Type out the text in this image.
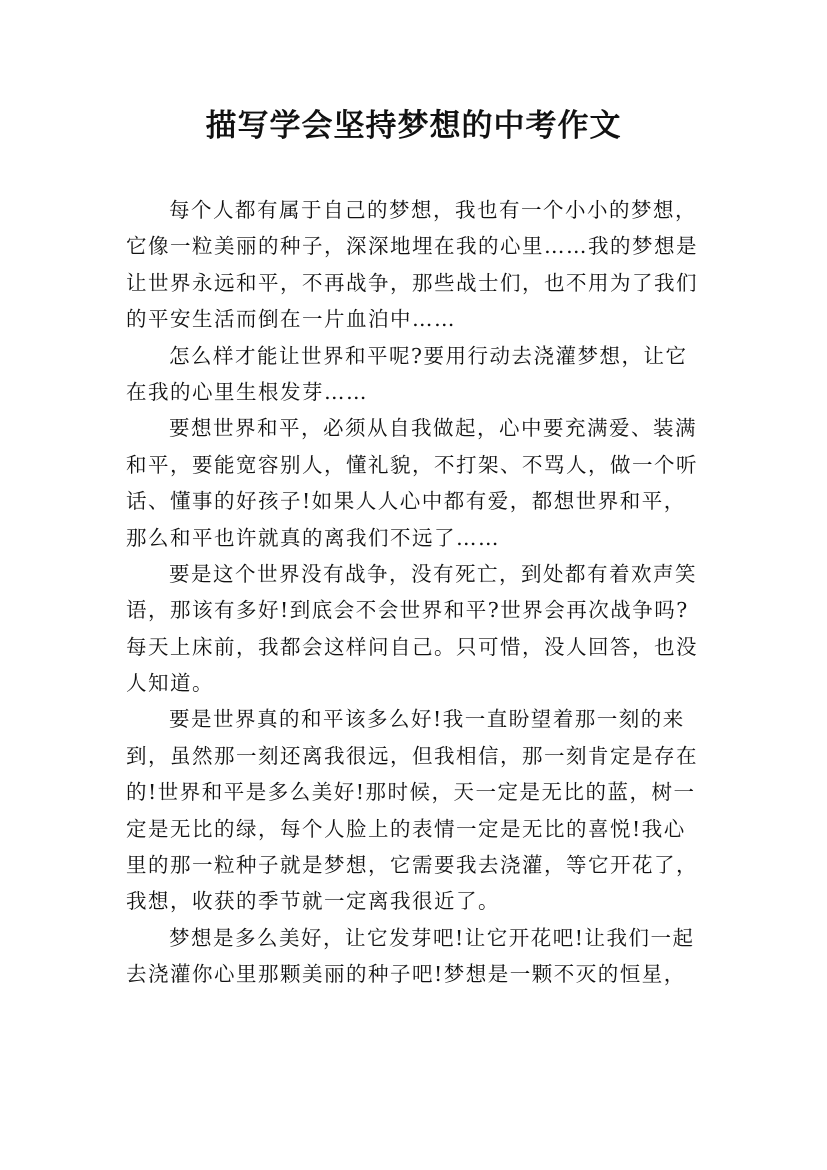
描写学会坚持梦想的中考作文
每个人都有属于自己的梦想，我也有一个小小的梦想，
它像一粒美丽的种子，深深地埋在我的心里……我的梦想是
让世界永远和平，不再战争，那些战士们，也不用为了我们
的平安生活而倒在一片血泊中……
怎么样才能让世界和平呢?要用行动去浇灌梦想，让它
在我的心里生根发芽……
要想世界和平，必须从自我做起，心中要充满爱、装满
和平，要能宽容别人，懂礼貌，不打架、不骂人，做一个听
话、懂事的好孩子!如果人人心中都有爱，都想世界和平，
那么和平也许就真的离我们不远了……
要是这个世界没有战争，没有死亡，到处都有着欢声笑
语，那该有多好!到底会不会世界和平?世界会再次战争吗?
每天上床前，我都会这样问自己。只可惜，没人回答，也没
人知道。
要是世界真的和平该多么好!我一直盼望着那一刻的来
到，虽然那一刻还离我很远，但我相信，那一刻肯定是存在
的!世界和平是多么美好!那时候，天一定是无比的蓝，树一
定是无比的绿，每个人脸上的表情一定是无比的喜悦!我心
里的那一粒种子就是梦想，它需要我去浇灌，等它开花了，
我想，收获的季节就一定离我很近了。
梦想是多么美好，让它发芽吧!让它开花吧!让我们一起
去浇灌你心里那颗美丽的种子吧!梦想是一颗不灭的恒星，
